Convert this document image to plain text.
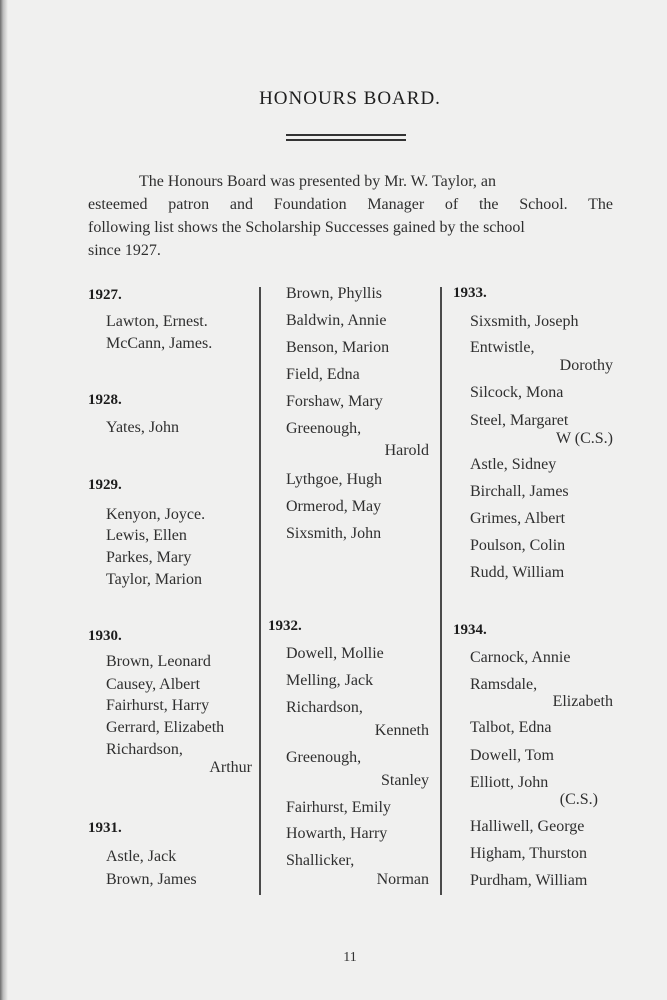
HONOURS BOARD.
The Honours Board was presented by Mr. W. Taylor, an
esteemed patron and Foundation Manager of the School. The
following list shows the Scholarship Successes gained by the school
since 1927.
1927.
Lawton, Ernest.
McCann, James.
1928.
Yates, John
1929.
Kenyon, Joyce.
Lewis, Ellen
Parkes, Mary
Taylor, Marion
1930.
Brown, Leonard
Causey, Albert
Fairhurst, Harry
Gerrard, Elizabeth
Richardson,
Arthur
1931.
Astle, Jack
Brown, James
Brown, Phyllis
Baldwin, Annie
Benson, Marion
Field, Edna
Forshaw, Mary
Greenough,
Harold
Lythgoe, Hugh
Ormerod, May
Sixsmith, John
1932.
Dowell, Mollie
Melling, Jack
Richardson,
Kenneth
Greenough,
Stanley
Fairhurst, Emily
Howarth, Harry
Shallicker,
Norman
1933.
Sixsmith, Joseph
Entwistle,
Dorothy
Silcock, Mona
Steel, Margaret
W (C.S.)
Astle, Sidney
Birchall, James
Grimes, Albert
Poulson, Colin
Rudd, William
1934.
Carnock, Annie
Ramsdale,
Elizabeth
Talbot, Edna
Dowell, Tom
Elliott, John
(C.S.)
Halliwell, George
Higham, Thurston
Purdham, William
11
